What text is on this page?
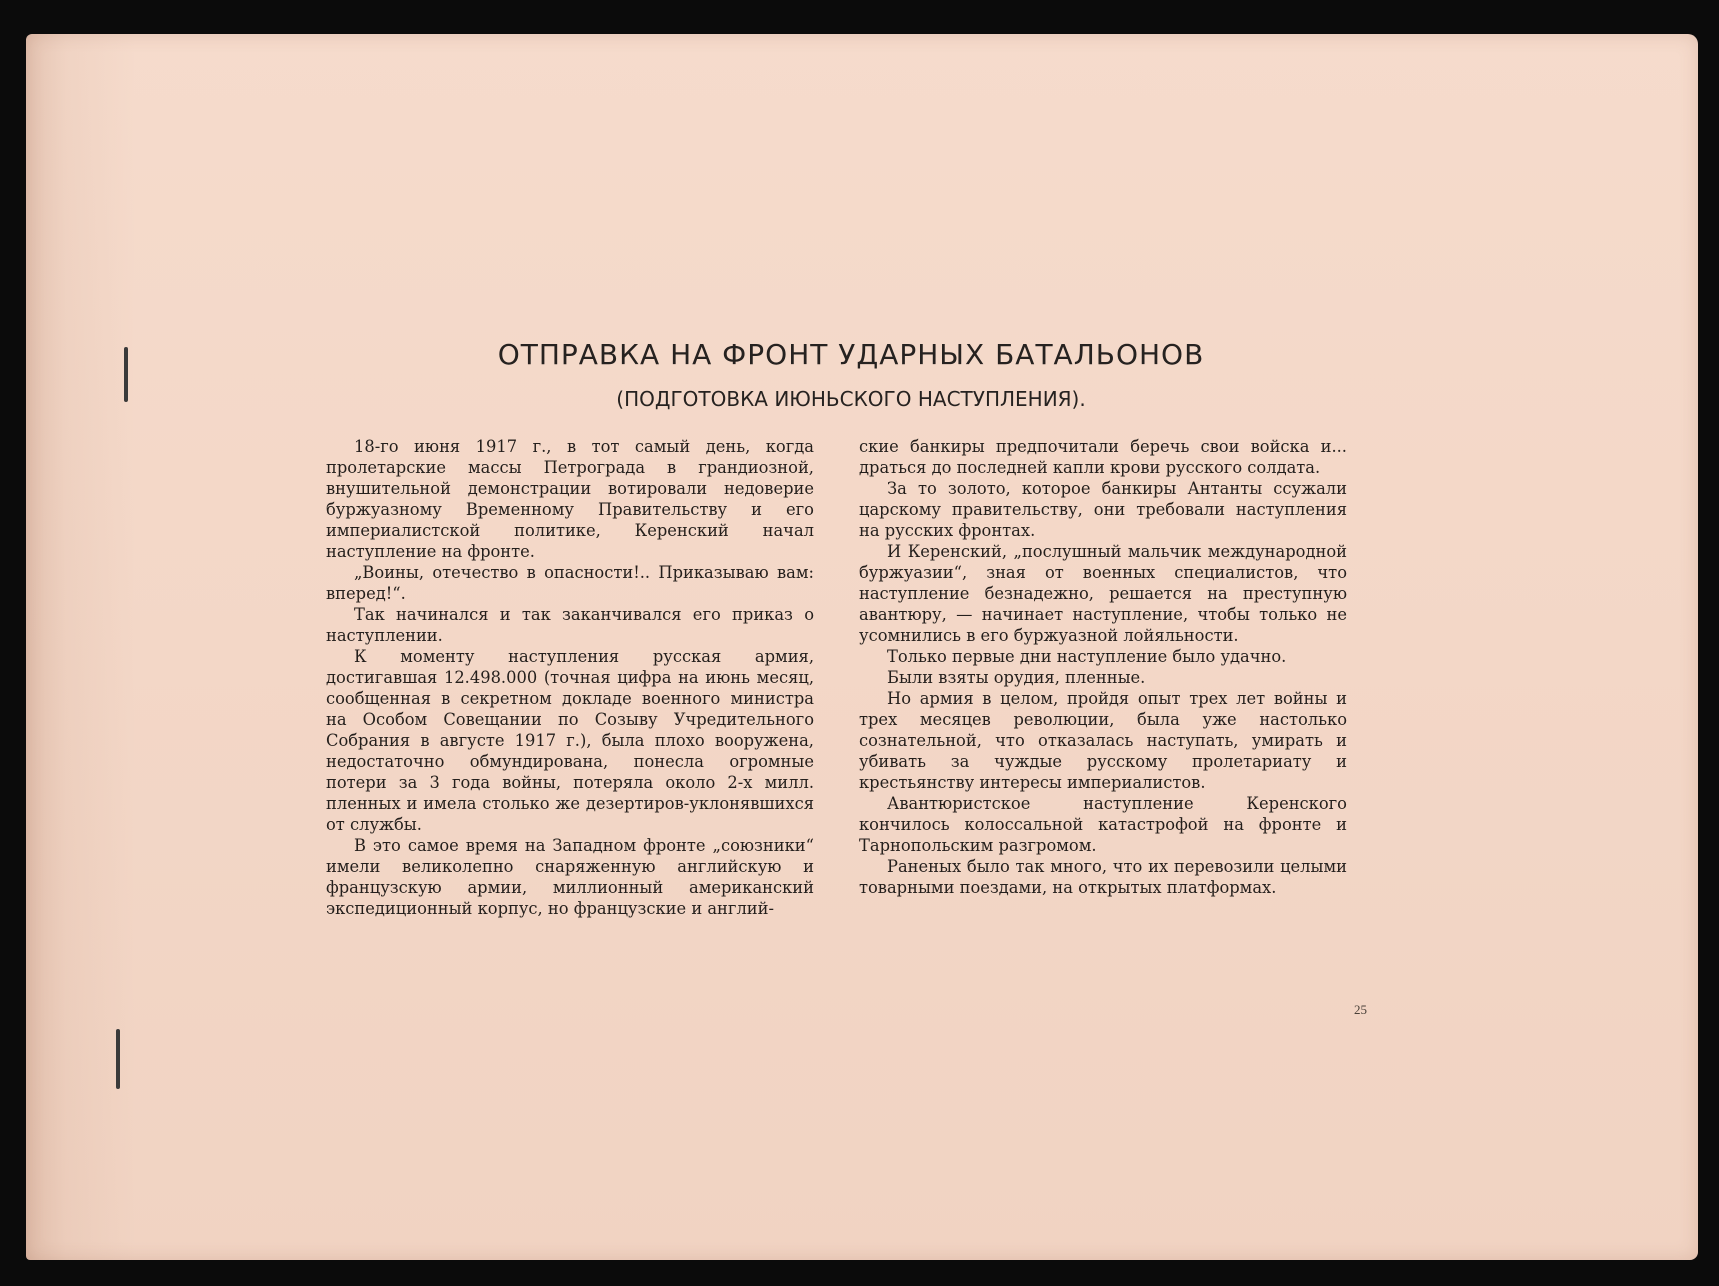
ОТПРАВКА НА ФРОНТ УДАРНЫХ БАТАЛЬОНОВ
(ПОДГОТОВКА ИЮНЬСКОГО НАСТУПЛЕНИЯ).

18-го июня 1917 г., в тот самый день, когда пролетарские массы Петрограда в грандиозной, внушительной демонстрации вотировали недоверие буржуазному Временному Правительству и его империалистской политике, Керенский начал наступление на фронте.

„Воины, отечество в опасности!.. Приказываю вам: вперед!“.

Так начинался и так заканчивался его приказ о наступлении.

К моменту наступления русская армия, достигавшая 12.498.000 (точная цифра на июнь месяц, сообщенная в секретном докладе военного министра на Особом Совещании по Созыву Учредительного Собрания в августе 1917 г.), была плохо вооружена, недостаточно обмундирована, понесла огромные потери за 3 года войны, потеряла около 2-х милл. пленных и имела столько же дезертиров-уклонявшихся от службы.

В это самое время на Западном фронте „союзники“ имели великолепно снаряженную английскую и французскую армии, миллионный американский экспедиционный корпус, но французские и англий-

ские банкиры предпочитали беречь свои войска и... драться до последней капли крови русского солдата.

За то золото, которое банкиры Антанты ссужали царскому правительству, они требовали наступления на русских фронтах.

И Керенский, „послушный мальчик международной буржуазии“, зная от военных специалистов, что наступление безнадежно, решается на преступную авантюру, — начинает наступление, чтобы только не усомнились в его буржуазной лойяльности.

Только первые дни наступление было удачно.

Были взяты орудия, пленные.

Но армия в целом, пройдя опыт трех лет войны и трех месяцев революции, была уже настолько сознательной, что отказалась наступать, умирать и убивать за чуждые русскому пролетариату и крестьянству интересы империалистов.

Авантюристское наступление Керенского кончилось колоссальной катастрофой на фронте и Тарнопольским разгромом.

Раненых было так много, что их перевозили целыми товарными поездами, на открытых платформах.

25
